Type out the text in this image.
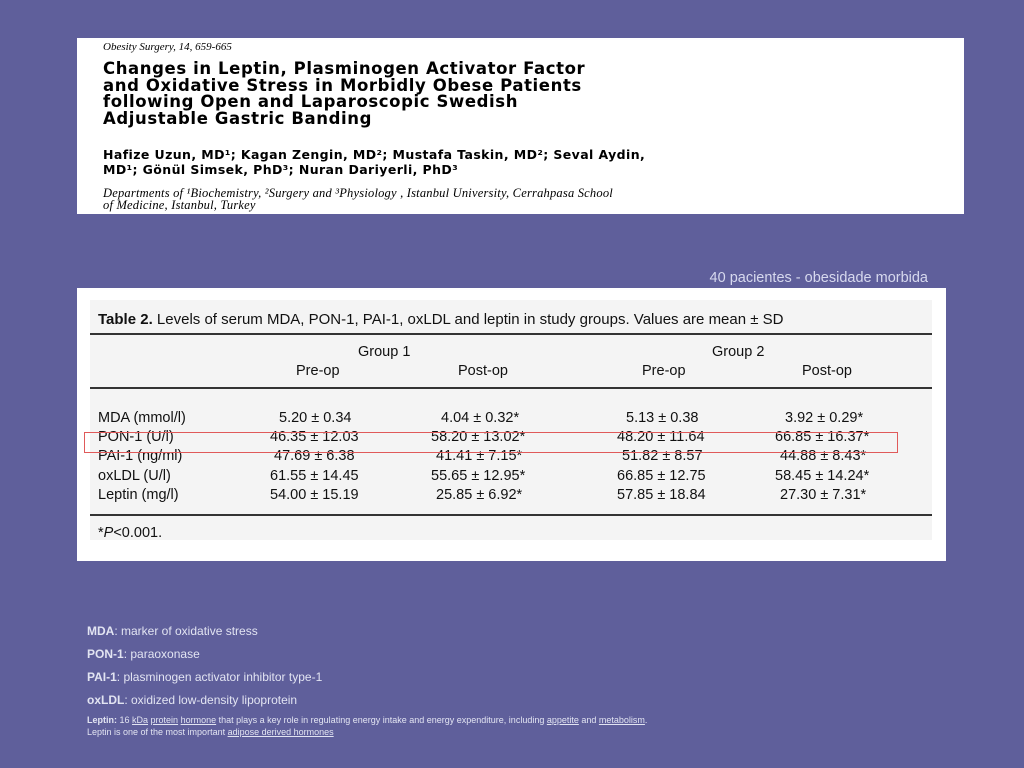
Obesity Surgery, 14, 659-665
Changes in Leptin, Plasminogen Activator Factor
and Oxidative Stress in Morbidly Obese Patients
following Open and Laparoscopic Swedish
Adjustable Gastric Banding
Hafize Uzun, MD¹; Kagan Zengin, MD²; Mustafa Taskin, MD²; Seval Aydin,
MD¹; Gönül Simsek, PhD³; Nuran Dariyerli, PhD³
Departments of ¹Biochemistry, ²Surgery and ³Physiology , Istanbul University, Cerrahpasa School
of Medicine, Istanbul, Turkey
40 pacientes - obesidade morbida
Table 2. Levels of serum MDA, PON-1, PAI-1, oxLDL and leptin in study groups. Values are mean ± SD
Group 1	Group 2
Pre-op	Post-op	Pre-op	Post-op
MDA (mmol/l)	5.20 ± 0.34	4.04 ± 0.32*	5.13 ± 0.38	3.92 ± 0.29*
PON-1 (U/l)	46.35 ± 12.03	58.20 ± 13.02*	48.20 ± 11.64	66.85 ± 16.37*
PAI-1 (ng/ml)	47.69 ± 6.38	41.41 ± 7.15*	51.82 ± 8.57	44.88 ± 8.43*
oxLDL (U/l)	61.55 ± 14.45	55.65 ± 12.95*	66.85 ± 12.75	58.45 ± 14.24*
Leptin (mg/l)	54.00 ± 15.19	25.85 ± 6.92*	57.85 ± 18.84	27.30 ± 7.31*
*P<0.001.
MDA: marker of oxidative stress
PON-1: paraoxonase
PAI-1: plasminogen activator inhibitor type-1
oxLDL: oxidized low-density lipoprotein
Leptin: 16 kDa protein hormone that plays a key role in regulating energy intake and energy expenditure, including appetite and metabolism.
Leptin is one of the most important adipose derived hormones
